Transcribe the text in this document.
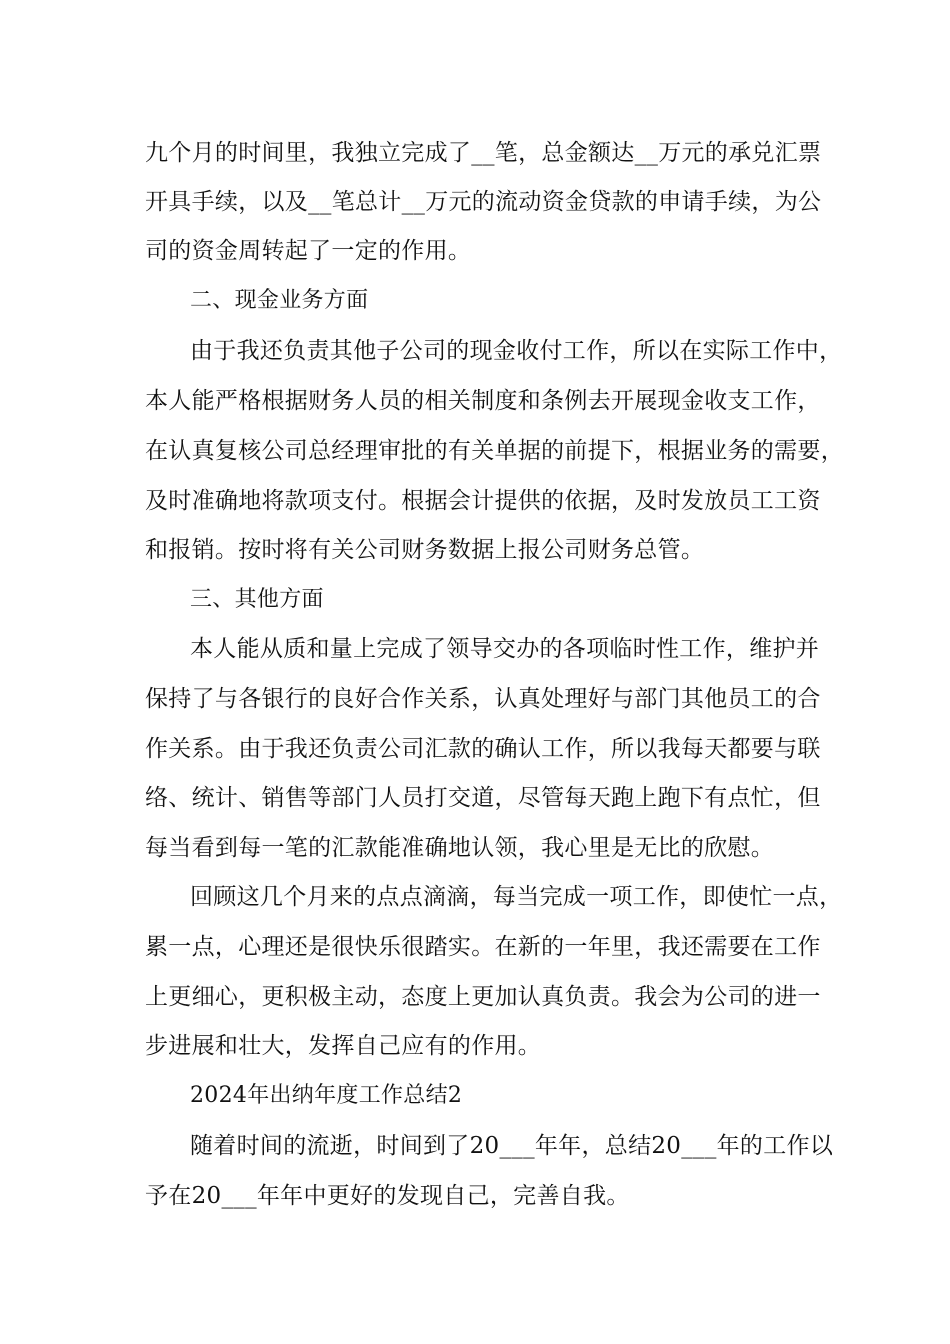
九个月的时间里，我独立完成了__笔，总金额达__万元的承兑汇票
开具手续，以及__笔总计__万元的流动资金贷款的申请手续，为公
司的资金周转起了一定的作用。
二、现金业务方面
由于我还负责其他子公司的现金收付工作，所以在实际工作中，
本人能严格根据财务人员的相关制度和条例去开展现金收支工作，
在认真复核公司总经理审批的有关单据的前提下，根据业务的需要，
及时准确地将款项支付。根据会计提供的依据，及时发放员工工资
和报销。按时将有关公司财务数据上报公司财务总管。
三、其他方面
本人能从质和量上完成了领导交办的各项临时性工作，维护并
保持了与各银行的良好合作关系，认真处理好与部门其他员工的合
作关系。由于我还负责公司汇款的确认工作，所以我每天都要与联
络、统计、销售等部门人员打交道，尽管每天跑上跑下有点忙，但
每当看到每一笔的汇款能准确地认领，我心里是无比的欣慰。
回顾这几个月来的点点滴滴，每当完成一项工作，即使忙一点，
累一点，心理还是很快乐很踏实。在新的一年里，我还需要在工作
上更细心，更积极主动，态度上更加认真负责。我会为公司的进一
步进展和壮大，发挥自己应有的作用。
2024年出纳年度工作总结2
随着时间的流逝，时间到了20___年年，总结20___年的工作以
予在20___年年中更好的发现自己，完善自我。
